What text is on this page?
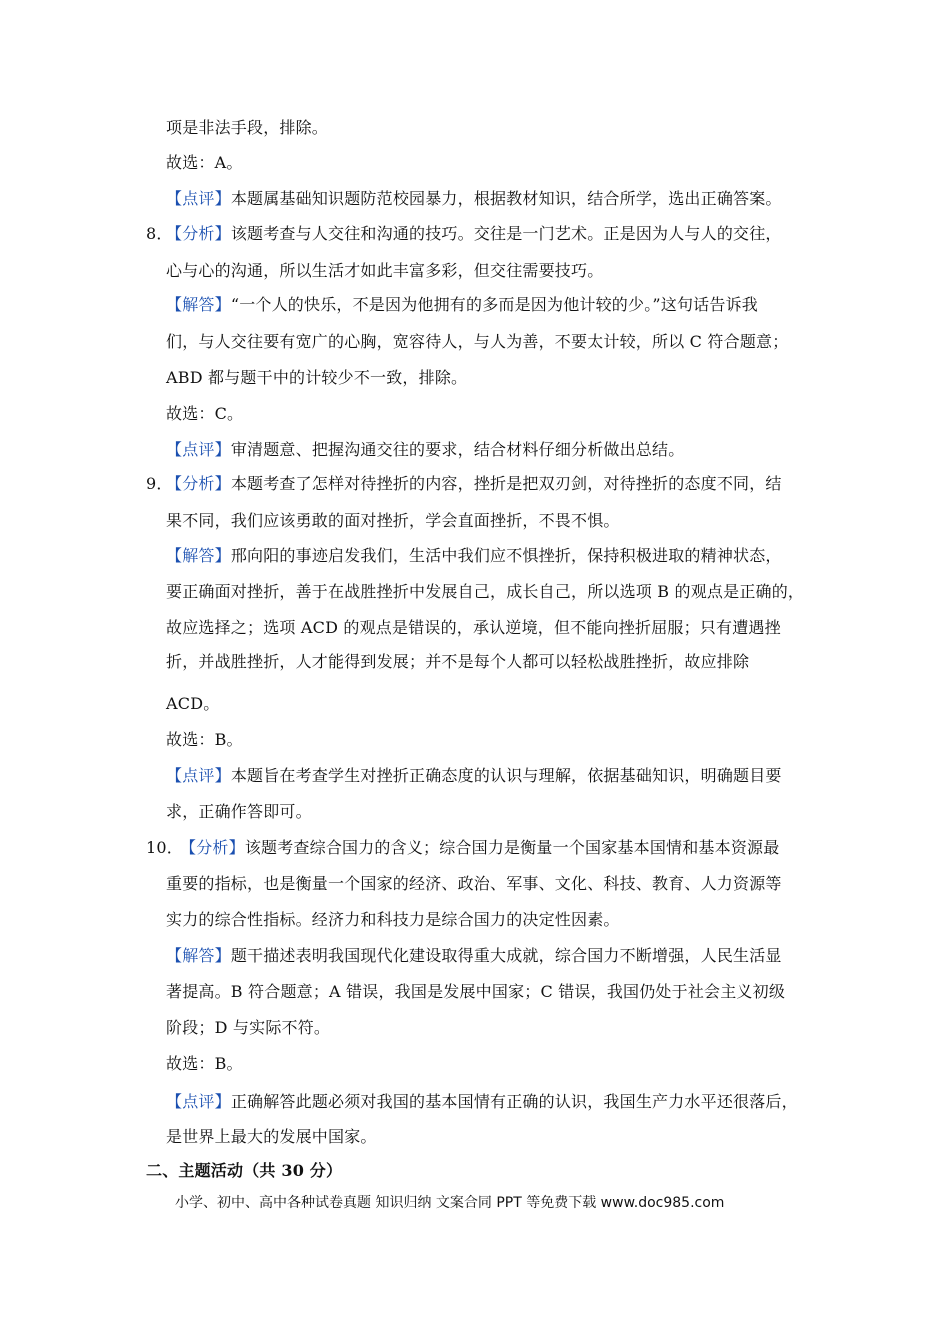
项是非法手段，排除。
故选：A。
【点评】本题属基础知识题防范校园暴力，根据教材知识，结合所学，选出正确答案。
8．【分析】该题考查与人交往和沟通的技巧。交往是一门艺术。正是因为人与人的交往，
心与心的沟通，所以生活才如此丰富多彩，但交往需要技巧。
【解答】“一个人的快乐，不是因为他拥有的多而是因为他计较的少。”这句话告诉我
们，与人交往要有宽广的心胸，宽容待人，与人为善，不要太计较，所以 C 符合题意；
ABD 都与题干中的计较少不一致，排除。
故选：C。
【点评】审清题意、把握沟通交往的要求，结合材料仔细分析做出总结。
9．【分析】本题考查了怎样对待挫折的内容，挫折是把双刃剑，对待挫折的态度不同，结
果不同，我们应该勇敢的面对挫折，学会直面挫折，不畏不惧。
【解答】邢向阳的事迹启发我们，生活中我们应不惧挫折，保持积极进取的精神状态，
要正确面对挫折，善于在战胜挫折中发展自己，成长自己，所以选项 B 的观点是正确的，
故应选择之；选项 ACD 的观点是错误的，承认逆境，但不能向挫折屈服；只有遭遇挫
折，并战胜挫折，人才能得到发展；并不是每个人都可以轻松战胜挫折，故应排除
ACD。
故选：B。
【点评】本题旨在考查学生对挫折正确态度的认识与理解，依据基础知识，明确题目要
求，正确作答即可。
10．【分析】该题考查综合国力的含义；综合国力是衡量一个国家基本国情和基本资源最
重要的指标，也是衡量一个国家的经济、政治、军事、文化、科技、教育、人力资源等
实力的综合性指标。经济力和科技力是综合国力的决定性因素。
【解答】题干描述表明我国现代化建设取得重大成就，综合国力不断增强，人民生活显
著提高。B 符合题意；A 错误，我国是发展中国家；C 错误，我国仍处于社会主义初级
阶段；D 与实际不符。
故选：B。
【点评】正确解答此题必须对我国的基本国情有正确的认识，我国生产力水平还很落后，
是世界上最大的发展中国家。
二、主题活动（共 30 分）
小学、初中、高中各种试卷真题 知识归纳 文案合同 PPT 等免费下载 www.doc985.com
